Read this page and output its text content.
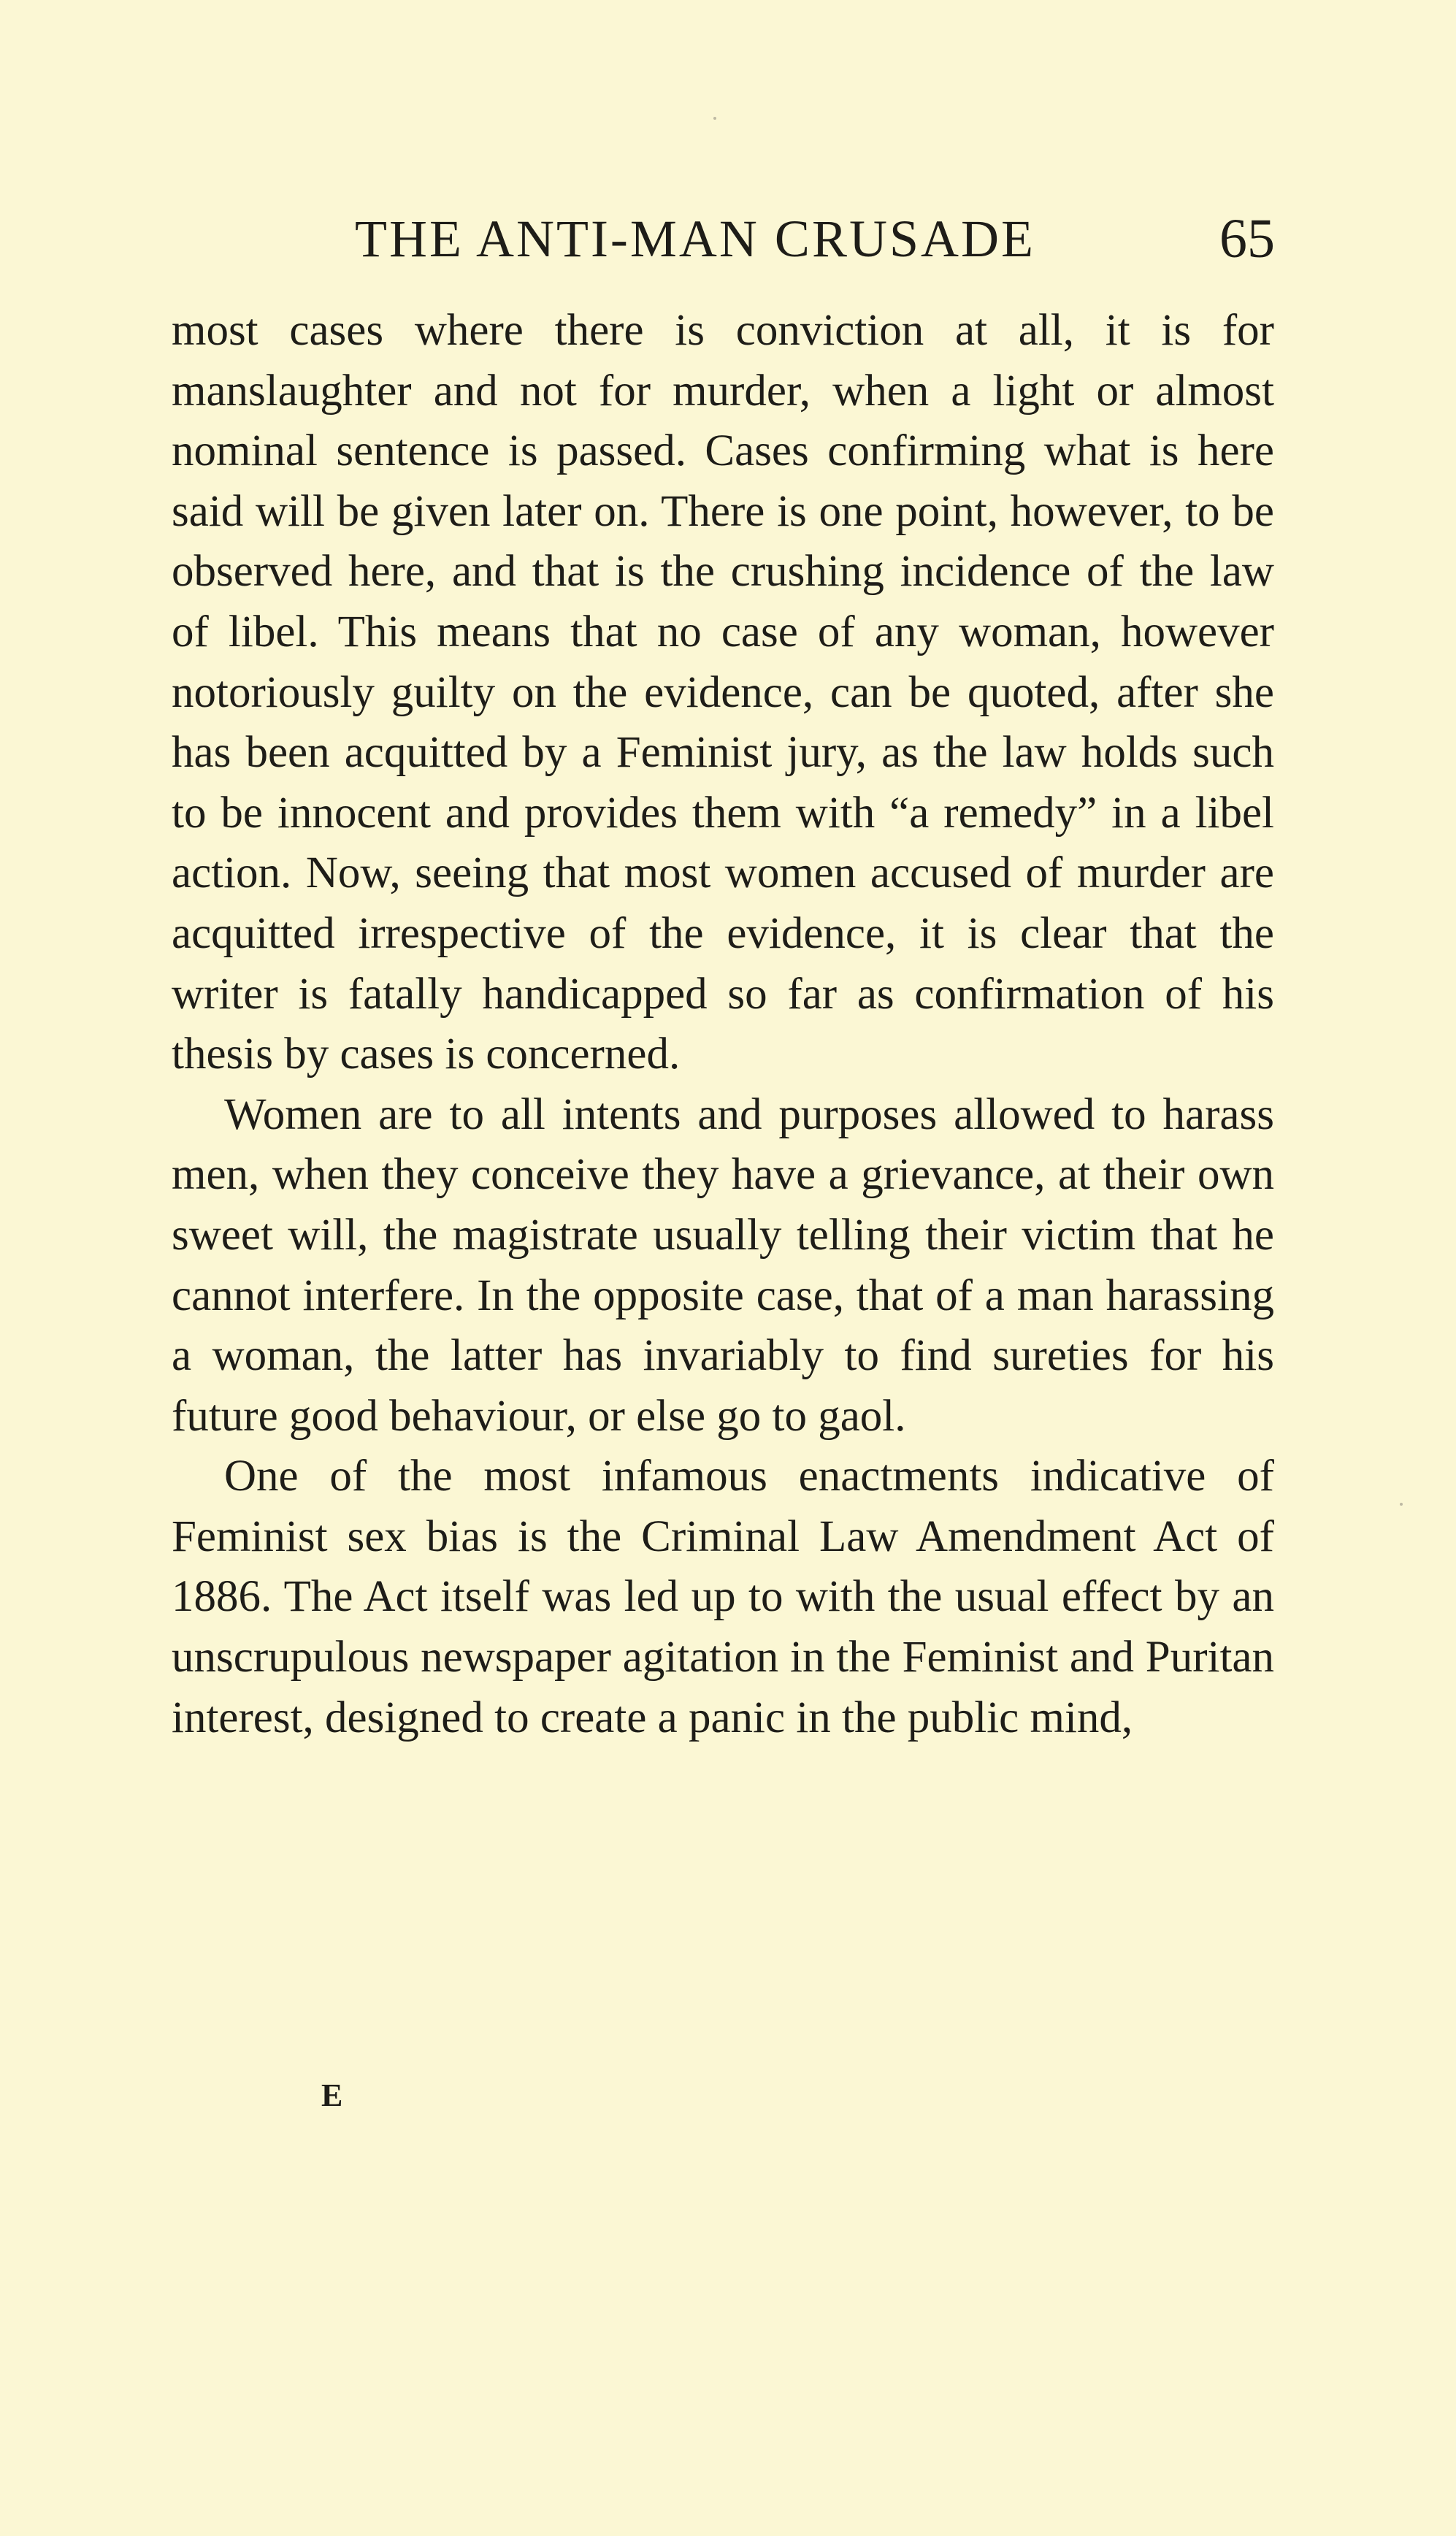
THE ANTI-MAN CRUSADE	65

most cases where there is conviction at all, it is for manslaughter and not for murder, when a light or almost nominal sentence is passed. Cases confirming what is here said will be given later on. There is one point, however, to be observed here, and that is the crushing incidence of the law of libel. This means that no case of any woman, however notoriously guilty on the evidence, can be quoted, after she has been acquitted by a Feminist jury, as the law holds such to be innocent and provides them with “a remedy” in a libel action. Now, seeing that most women accused of murder are acquitted irrespective of the evidence, it is clear that the writer is fatally handicapped so far as confirmation of his thesis by cases is concerned.

Women are to all intents and purposes allowed to harass men, when they conceive they have a grievance, at their own sweet will, the magistrate usually telling their victim that he cannot interfere. In the opposite case, that of a man harassing a woman, the latter has invariably to find sureties for his future good behaviour, or else go to gaol.

One of the most infamous enactments indicative of Feminist sex bias is the Criminal Law Amendment Act of 1886. The Act itself was led up to with the usual effect by an unscrupulous newspaper agitation in the Feminist and Puritan interest, designed to create a panic in the public mind,

E
